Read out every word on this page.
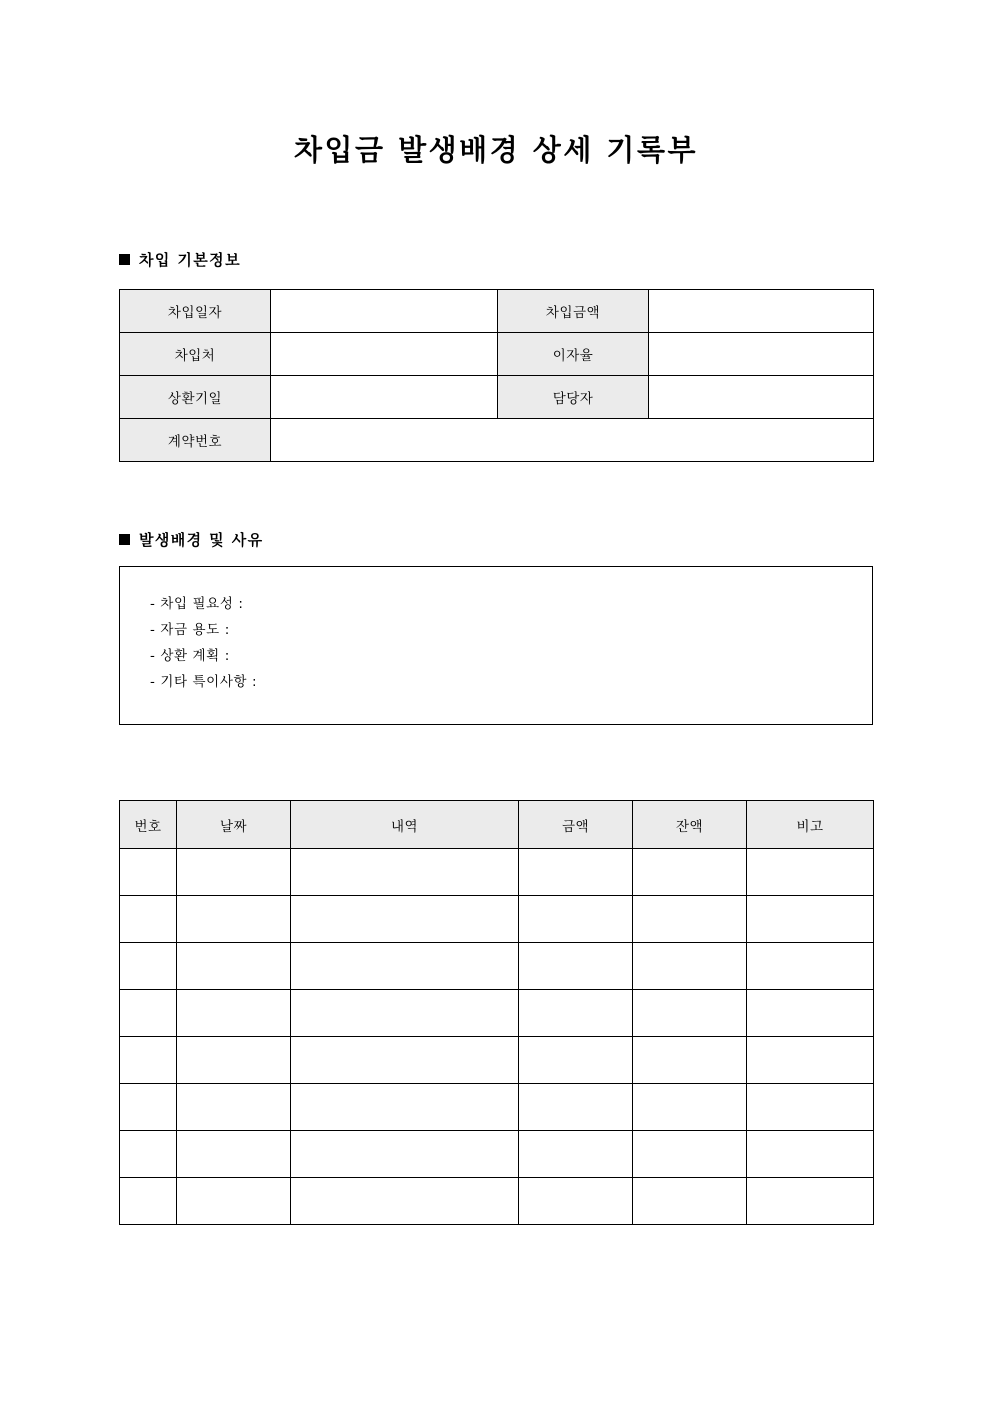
차입금 발생배경 상세 기록부
차입 기본정보
차입일자		차입금액	
차입처		이자율	
상환기일		담당자	
계약번호			
발생배경 및 사유
- 차입 필요성 :
- 자금 용도 :
- 상환 계획 :
- 기타 특이사항 :
번호	날짜	내역	금액	잔액	비고
